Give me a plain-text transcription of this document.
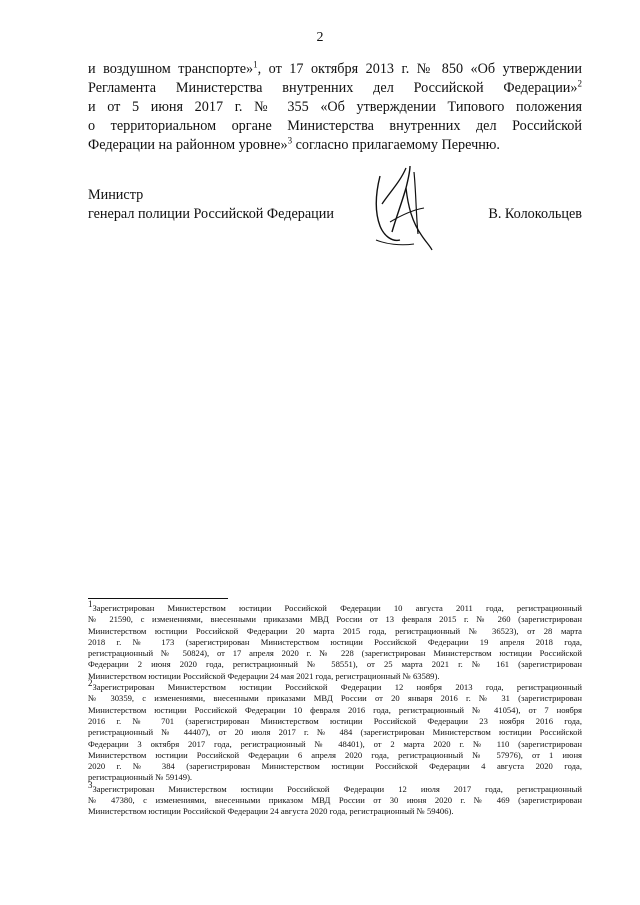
2
и воздушном транспорте»$^1$, от 17 октября 2013 г. № 850 «Об утверждении
Регламента Министерства внутренних дел Российской Федерации»$^2$
и от 5 июня 2017 г. № 355 «Об утверждении Типового положения
о территориальном органе Министерства внутренних дел Российской
Федерации на районном уровне»$^3$ согласно прилагаемому Перечню.
Министр
генерал полиции Российской Федерации	В. Колокольцев
$^1$Зарегистрирован Министерством юстиции Российской Федерации 10 августа 2011 года, регистрационный
№ 21590, с изменениями, внесенными приказами МВД России от 13 февраля 2015 г. № 260 (зарегистрирован
Министерством юстиции Российской Федерации 20 марта 2015 года, регистрационный № 36523), от 28 марта
2018 г. № 173 (зарегистрирован Министерством юстиции Российской Федерации 19 апреля 2018 года,
регистрационный № 50824), от 17 апреля 2020 г. № 228 (зарегистрирован Министерством юстиции Российской
Федерации 2 июня 2020 года, регистрационный № 58551), от 25 марта 2021 г. № 161 (зарегистрирован
Министерством юстиции Российской Федерации 24 мая 2021 года, регистрационный № 63589).
$^2$Зарегистрирован Министерством юстиции Российской Федерации 12 ноября 2013 года, регистрационный
№ 30359, с изменениями, внесенными приказами МВД России от 20 января 2016 г. № 31 (зарегистрирован
Министерством юстиции Российской Федерации 10 февраля 2016 года, регистрационный № 41054), от 7 ноября
2016 г. № 701 (зарегистрирован Министерством юстиции Российской Федерации 23 ноября 2016 года,
регистрационный № 44407), от 20 июля 2017 г. № 484 (зарегистрирован Министерством юстиции Российской
Федерации 3 октября 2017 года, регистрационный № 48401), от 2 марта 2020 г. № 110 (зарегистрирован
Министерством юстиции Российской Федерации 6 апреля 2020 года, регистрационный № 57976), от 1 июня
2020 г. № 384 (зарегистрирован Министерством юстиции Российской Федерации 4 августа 2020 года,
регистрационный № 59149).
$^3$Зарегистрирован Министерством юстиции Российской Федерации 12 июля 2017 года, регистрационный
№ 47380, с изменениями, внесенными приказом МВД России от 30 июня 2020 г. № 469 (зарегистрирован
Министерством юстиции Российской Федерации 24 августа 2020 года, регистрационный № 59406).
